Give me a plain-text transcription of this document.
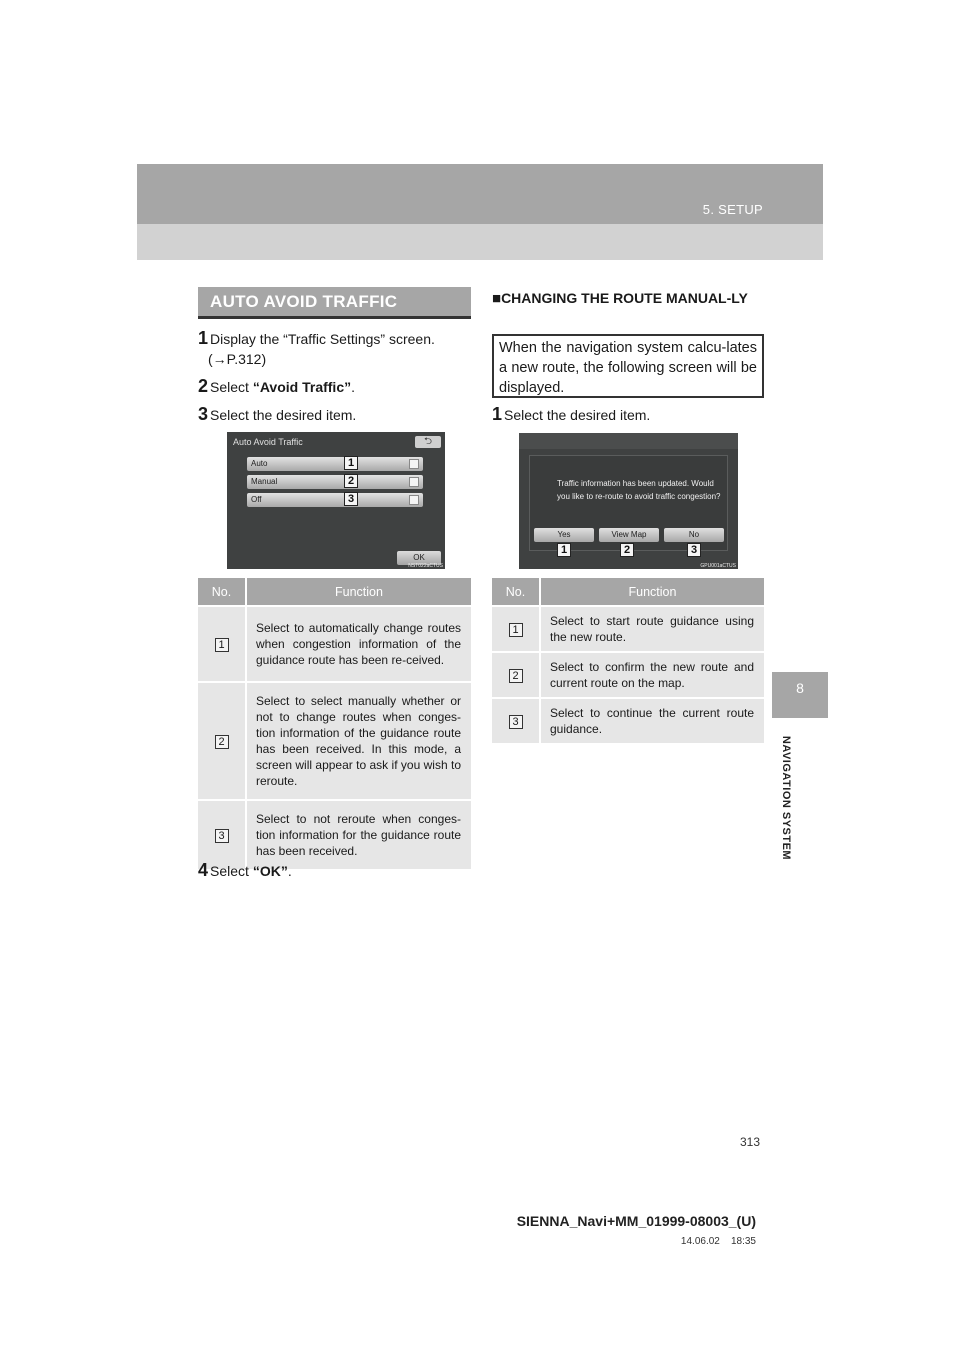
5. SETUP
8
NAVIGATION SYSTEM
AUTO AVOID TRAFFIC
1 Display the “Traffic Settings” screen.
(→P.312)
2 Select “Avoid Traffic”.
3 Select the desired item.
Auto Avoid Traffic	⮌
Auto
Manual
Off
OK
NST022aCTUS
1
2
3
No.	Function
1	Select to automatically change routes when congestion information of the guidance route has been re-ceived.
2	Select to select manually whether or not to change routes when conges-tion information of the guidance route has been received. In this mode, a screen will appear to ask if you wish to reroute.
3	Select to not reroute when conges-tion information for the guidance route has been received.
4 Select “OK”.
■CHANGING THE ROUTE MANUAL-LY
When the navigation system calcu-lates a new route, the following screen will be displayed.
1 Select the desired item.
Traffic information has been updated. Would you like to re-route to avoid traffic congestion?
Yes	View Map	No
GPU001aCTUS
1	2	3
No.	Function
1	Select to start route guidance using the new route.
2	Select to confirm the new route and current route on the map.
3	Select to continue the current route guidance.
313
SIENNA_Navi+MM_01999-08003_(U)
14.06.02    18:35
